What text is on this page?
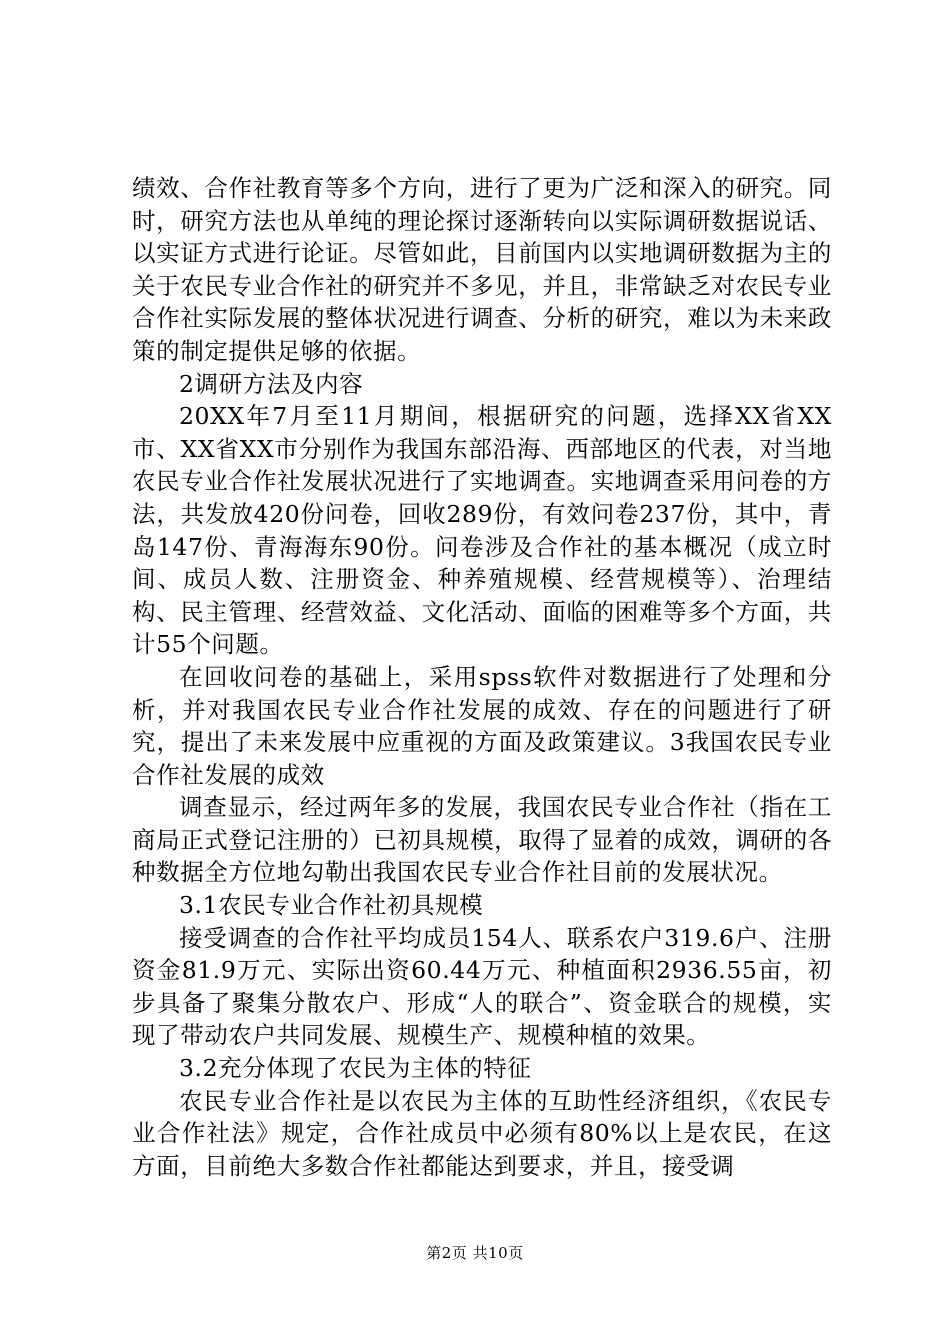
绩效、合作社教育等多个方向，进行了更为广泛和深入的研究。同时，研究方法也从单纯的理论探讨逐渐转向以实际调研数据说话、以实证方式进行论证。尽管如此，目前国内以实地调研数据为主的关于农民专业合作社的研究并不多见，并且，非常缺乏对农民专业合作社实际发展的整体状况进行调查、分析的研究，难以为未来政策的制定提供足够的依据。

2调研方法及内容

20XX年7月至11月期间，根据研究的问题，选择XX省XX市、XX省XX市分别作为我国东部沿海、西部地区的代表，对当地农民专业合作社发展状况进行了实地调查。实地调查采用问卷的方法，共发放420份问卷，回收289份，有效问卷237份，其中，青岛147份、青海海东90份。问卷涉及合作社的基本概况（成立时间、成员人数、注册资金、种养殖规模、经营规模等）、治理结构、民主管理、经营效益、文化活动、面临的困难等多个方面，共计55个问题。

在回收问卷的基础上，采用spss软件对数据进行了处理和分析，并对我国农民专业合作社发展的成效、存在的问题进行了研究，提出了未来发展中应重视的方面及政策建议。3我国农民专业合作社发展的成效

调查显示，经过两年多的发展，我国农民专业合作社（指在工商局正式登记注册的）已初具规模，取得了显着的成效，调研的各种数据全方位地勾勒出我国农民专业合作社目前的发展状况。

3.1农民专业合作社初具规模

接受调查的合作社平均成员154人、联系农户319.6户、注册资金81.9万元、实际出资60.44万元、种植面积2936.55亩，初步具备了聚集分散农户、形成“人的联合”、资金联合的规模，实现了带动农户共同发展、规模生产、规模种植的效果。

3.2充分体现了农民为主体的特征

农民专业合作社是以农民为主体的互助性经济组织，《农民专业合作社法》规定，合作社成员中必须有80%以上是农民，在这方面，目前绝大多数合作社都能达到要求，并且，接受调

第2页 共10页
